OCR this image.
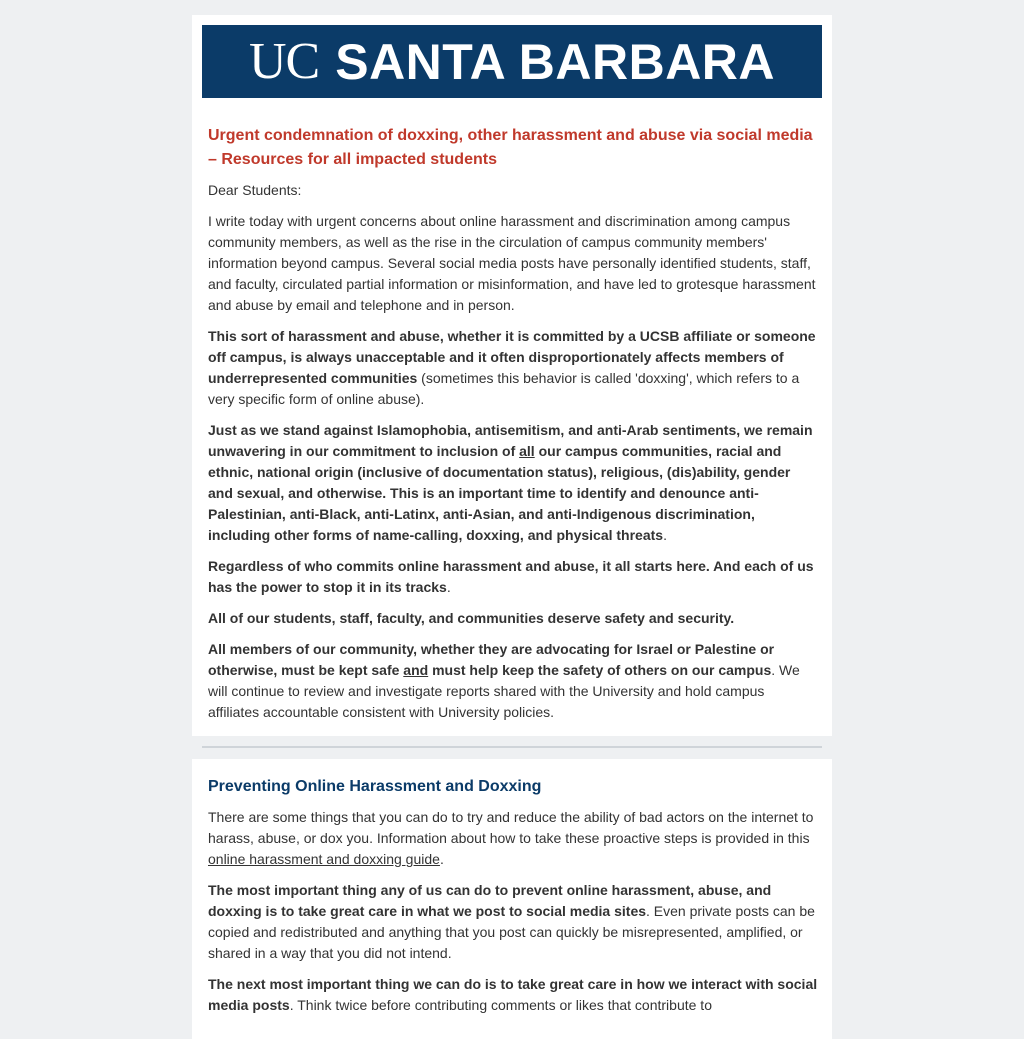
UC SANTA BARBARA
Urgent condemnation of doxxing, other harassment and abuse via social media – Resources for all impacted students

Dear Students:

I write today with urgent concerns about online harassment and discrimination among campus community members, as well as the rise in the circulation of campus community members' information beyond campus. Several social media posts have personally identified students, staff, and faculty, circulated partial information or misinformation, and have led to grotesque harassment and abuse by email and telephone and in person.

This sort of harassment and abuse, whether it is committed by a UCSB affiliate or someone off campus, is always unacceptable and it often disproportionately affects members of underrepresented communities (sometimes this behavior is called 'doxxing', which refers to a very specific form of online abuse).

Just as we stand against Islamophobia, antisemitism, and anti-Arab sentiments, we remain unwavering in our commitment to inclusion of all our campus communities, racial and ethnic, national origin (inclusive of documentation status), religious, (dis)ability, gender and sexual, and otherwise. This is an important time to identify and denounce anti-Palestinian, anti-Black, anti-Latinx, anti-Asian, and anti-Indigenous discrimination, including other forms of name-calling, doxxing, and physical threats.

Regardless of who commits online harassment and abuse, it all starts here. And each of us has the power to stop it in its tracks.

All of our students, staff, faculty, and communities deserve safety and security.

All members of our community, whether they are advocating for Israel or Palestine or otherwise, must be kept safe and must help keep the safety of others on our campus. We will continue to review and investigate reports shared with the University and hold campus affiliates accountable consistent with University policies.

Preventing Online Harassment and Doxxing

There are some things that you can do to try and reduce the ability of bad actors on the internet to harass, abuse, or dox you. Information about how to take these proactive steps is provided in this online harassment and doxxing guide.

The most important thing any of us can do to prevent online harassment, abuse, and doxxing is to take great care in what we post to social media sites. Even private posts can be copied and redistributed and anything that you post can quickly be misrepresented, amplified, or shared in a way that you did not intend.

The next most important thing we can do is to take great care in how we interact with social media posts. Think twice before contributing comments or likes that contribute to
